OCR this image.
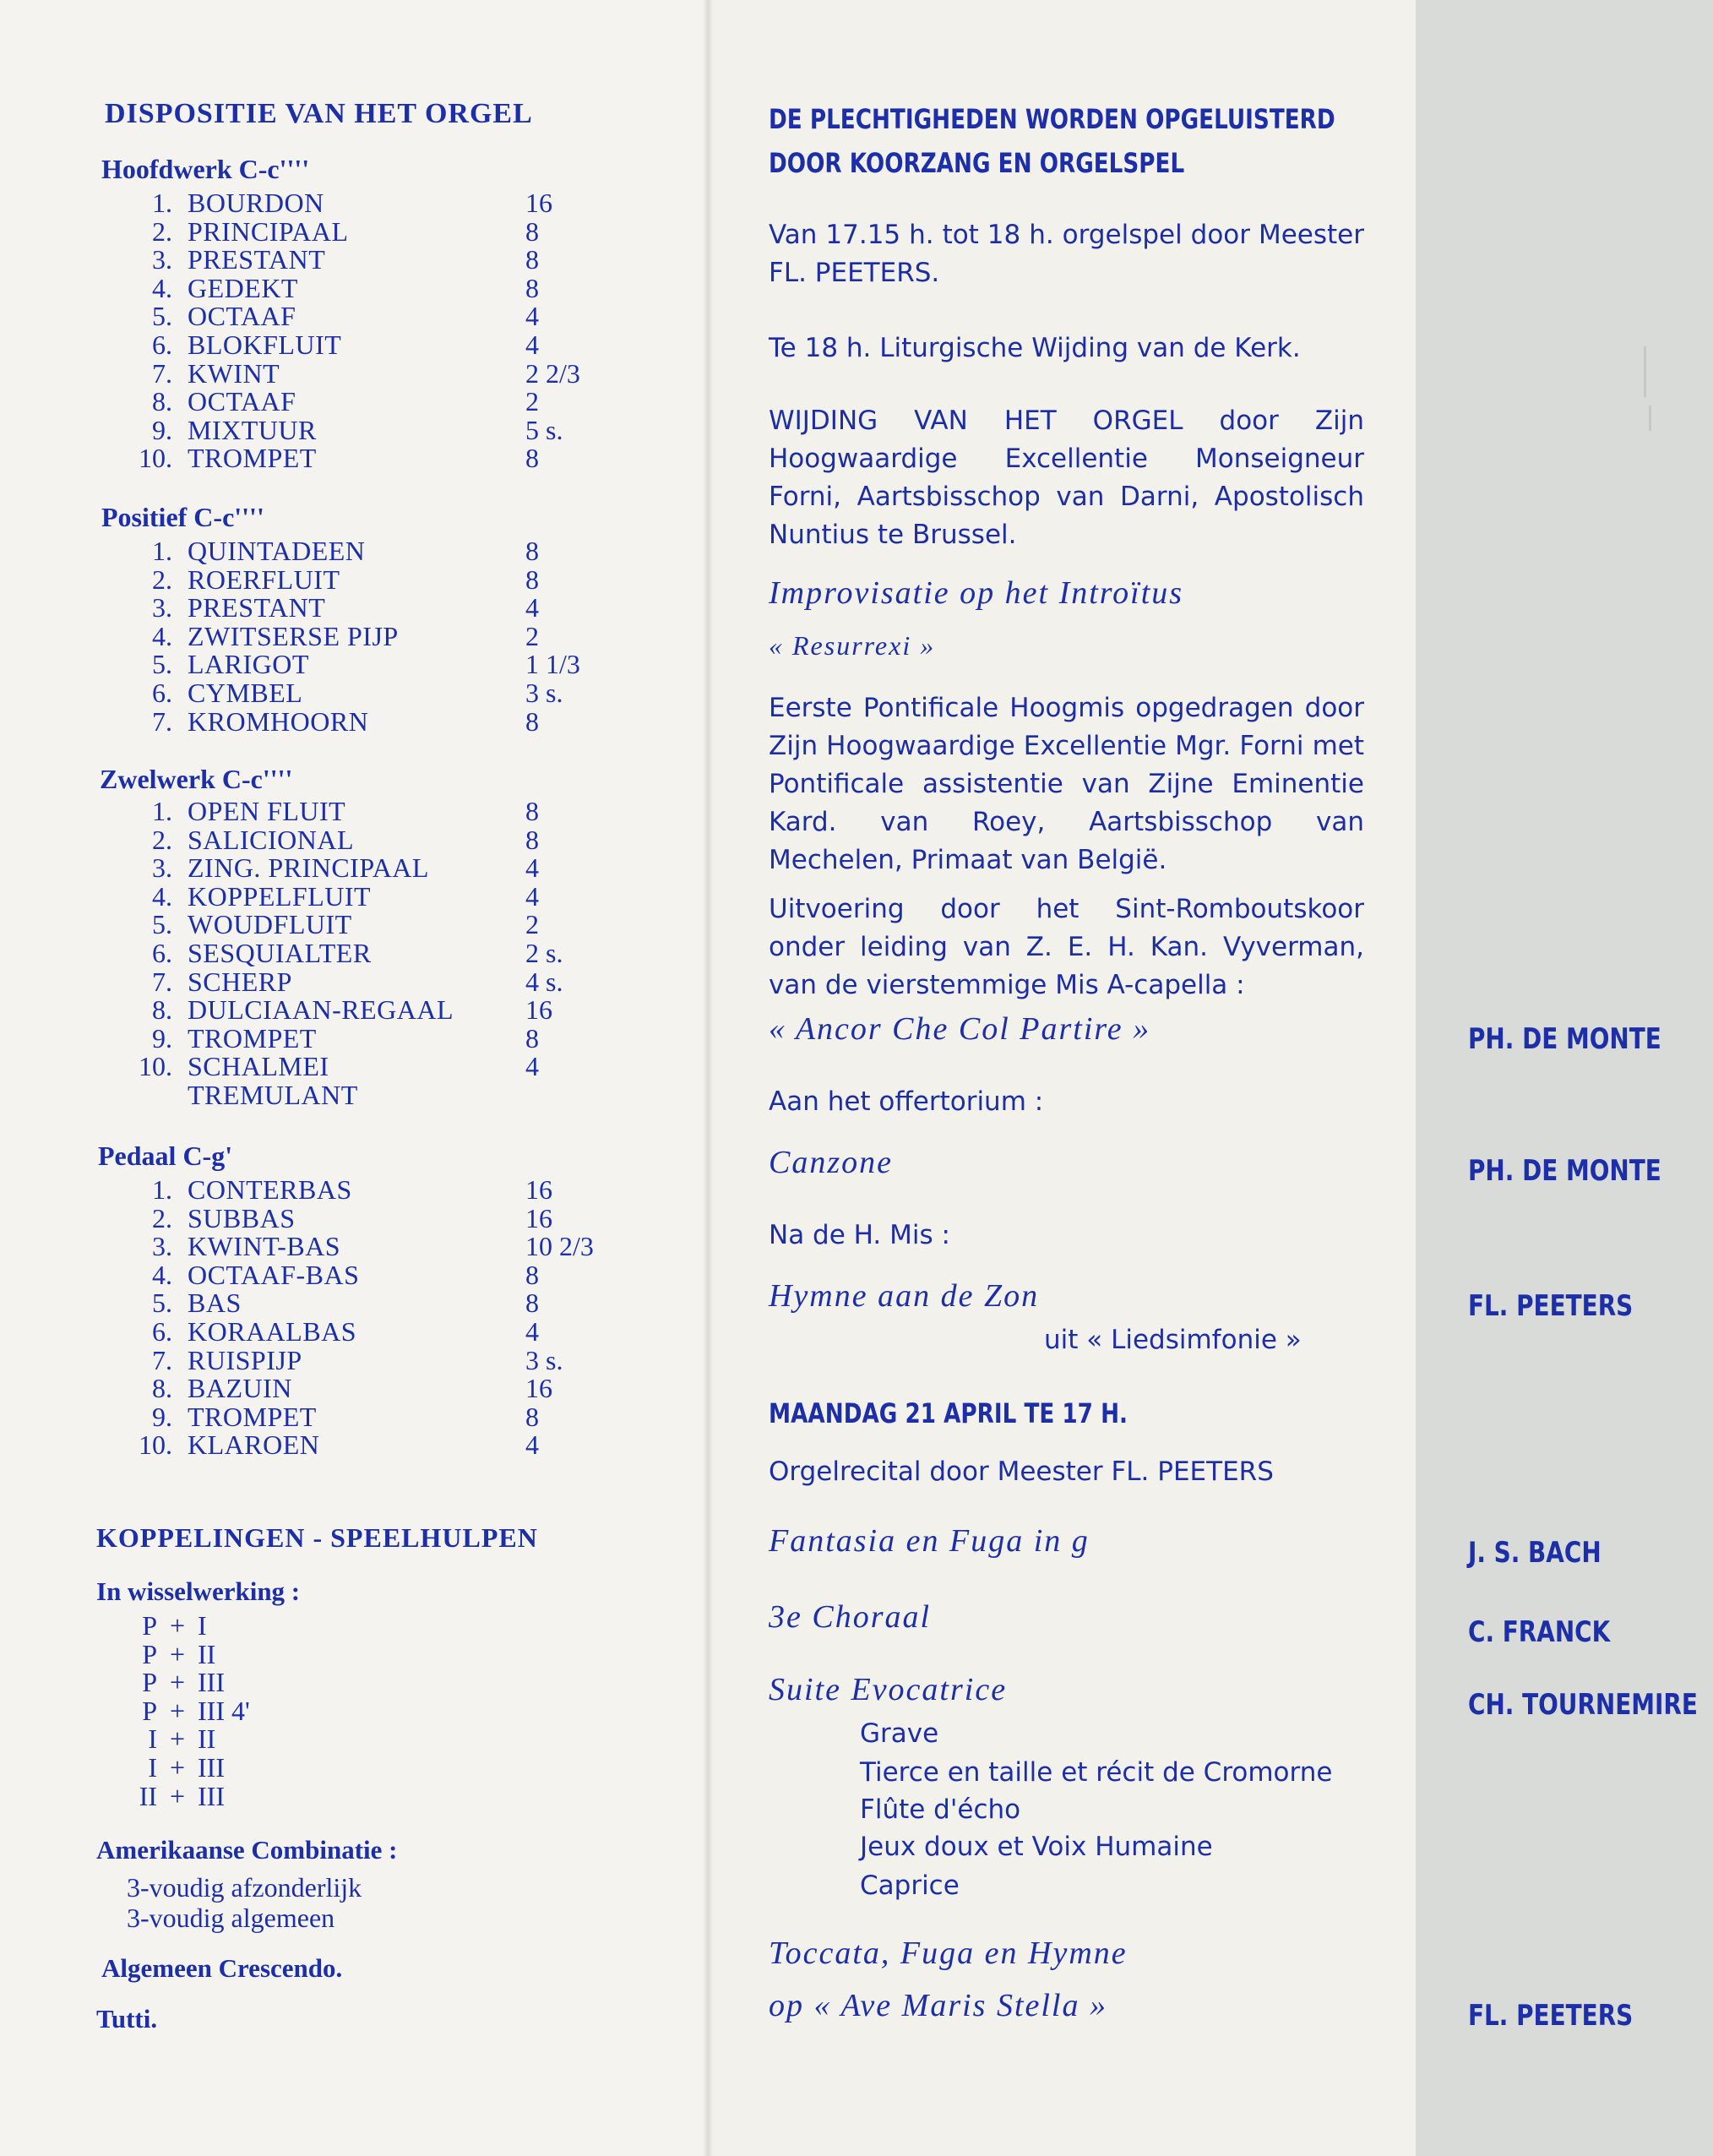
DISPOSITIE VAN HET ORGEL
Hoofdwerk C-c''''
1. BOURDON	16
2. PRINCIPAAL	8
3. PRESTANT	8
4. GEDEKT	8
5. OCTAAF	4
6. BLOKFLUIT	4
7. KWINT	2 2/3
8. OCTAAF	2
9. MIXTUUR	5 s.
10. TROMPET	8
Positief C-c''''
1. QUINTADEEN	8
2. ROERFLUIT	8
3. PRESTANT	4
4. ZWITSERSE PIJP	2
5. LARIGOT	1 1/3
6. CYMBEL	3 s.
7. KROMHOORN	8
Zwelwerk C-c''''
1. OPEN FLUIT	8
2. SALICIONAL	8
3. ZING. PRINCIPAAL	4
4. KOPPELFLUIT	4
5. WOUDFLUIT	2
6. SESQUIALTER	2 s.
7. SCHERP	4 s.
8. DULCIAAN-REGAAL	16
9. TROMPET	8
10. SCHALMEI	4
TREMULANT
Pedaal C-g'
1. CONTERBAS	16
2. SUBBAS	16
3. KWINT-BAS	10 2/3
4. OCTAAF-BAS	8
5. BAS	8
6. KORAALBAS	4
7. RUISPIJP	3 s.
8. BAZUIN	16
9. TROMPET	8
10. KLAROEN	4
KOPPELINGEN - SPEELHULPEN
In wisselwerking :
P + I
P + II
P + III
P + III 4'
I + II
I + III
II + III
Amerikaanse Combinatie :
3-voudig afzonderlijk
3-voudig algemeen
Algemeen Crescendo.
Tutti.
DE PLECHTIGHEDEN WORDEN OPGELUISTERD
DOOR KOORZANG EN ORGELSPEL
Van 17.15 h. tot 18 h. orgelspel door Meester FL. PEETERS.
Te 18 h. Liturgische Wijding van de Kerk.
WIJDING VAN HET ORGEL door Zijn Hoogwaardige Excellentie Monseigneur Forni, Aartsbisschop van Darni, Apostolisch Nuntius te Brussel.
Improvisatie op het Introïtus
« Resurrexi »
Eerste Pontificale Hoogmis opgedragen door Zijn Hoogwaardige Excellentie Mgr. Forni met Pontificale assistentie van Zijne Eminentie Kard. van Roey, Aartsbisschop van Mechelen, Primaat van België.
Uitvoering door het Sint-Romboutskoor onder leiding van Z. E. H. Kan. Vyverman, van de vierstemmige Mis A-capella :
« Ancor Che Col Partire »
Aan het offertorium :
Canzone
Na de H. Mis :
Hymne aan de Zon
uit « Liedsimfonie »
MAANDAG 21 APRIL TE 17 H.
Orgelrecital door Meester FL. PEETERS
Fantasia en Fuga in g
3e Choraal
Suite Evocatrice
Grave
Tierce en taille et récit de Cromorne
Flûte d'écho
Jeux doux et Voix Humaine
Caprice
Toccata, Fuga en Hymne
op « Ave Maris Stella »
PH. DE MONTE
PH. DE MONTE
FL. PEETERS
J. S. BACH
C. FRANCK
CH. TOURNEMIRE
FL. PEETERS
